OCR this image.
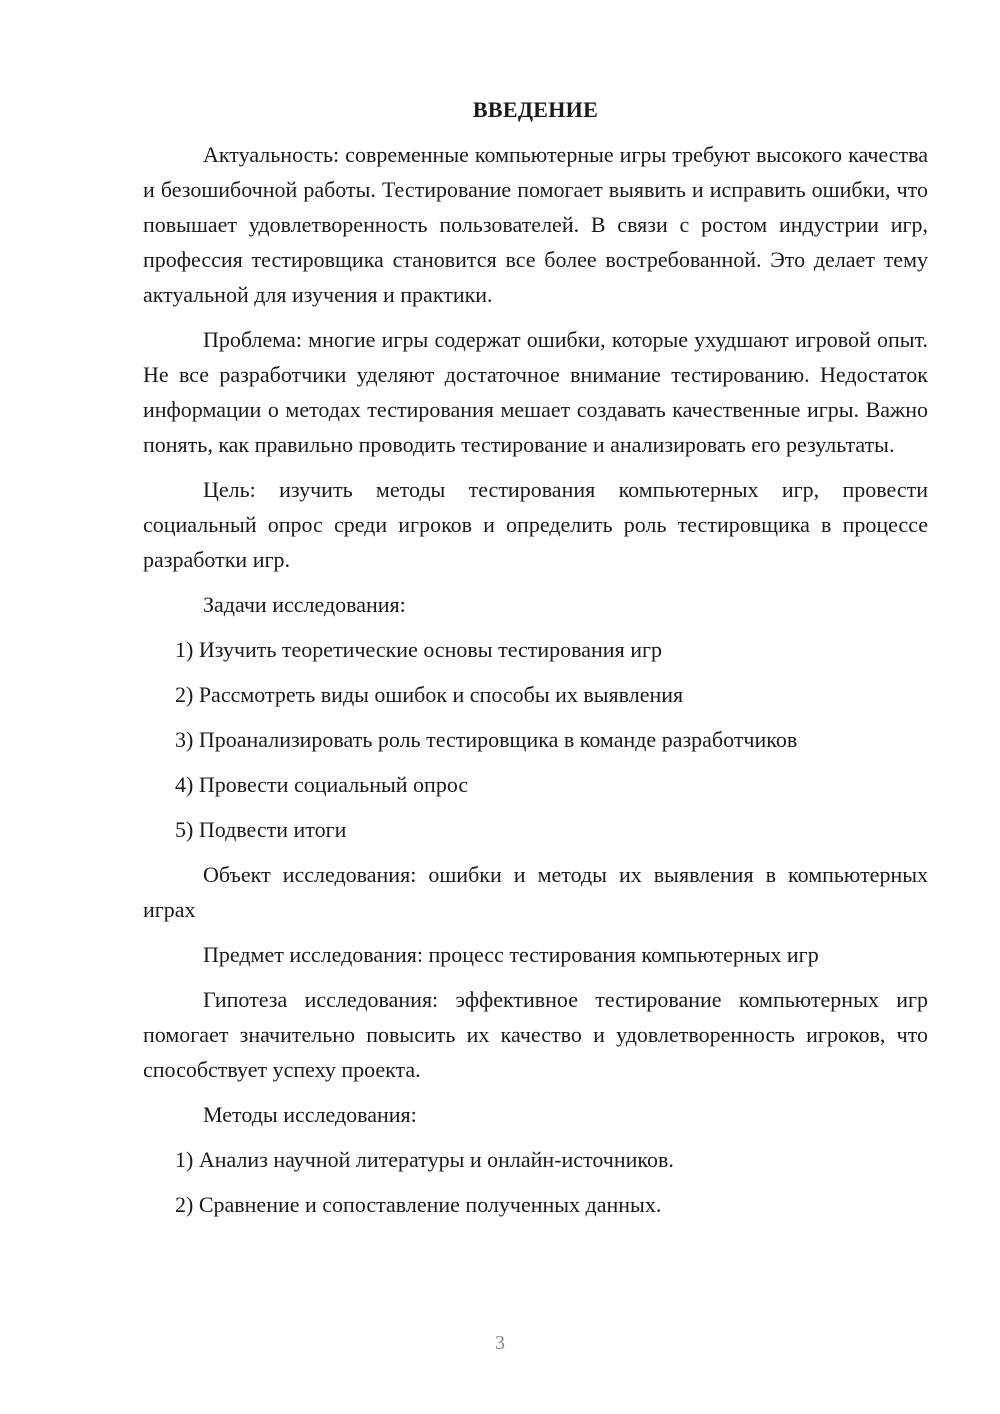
ВВЕДЕНИЕ

Актуальность: современные компьютерные игры требуют высокого качества и безошибочной работы. Тестирование помогает выявить и исправить ошибки, что повышает удовлетворенность пользователей. В связи с ростом индустрии игр, профессия тестировщика становится все более востребованной. Это делает тему актуальной для изучения и практики.

Проблема: многие игры содержат ошибки, которые ухудшают игровой опыт. Не все разработчики уделяют достаточное внимание тестированию. Недостаток информации о методах тестирования мешает создавать качественные игры. Важно понять, как правильно проводить тестирование и анализировать его результаты.

Цель: изучить методы тестирования компьютерных игр, провести социальный опрос среди игроков и определить роль тестировщика в процессе разработки игр.

Задачи исследования:

1) Изучить теоретические основы тестирования игр
2) Рассмотреть виды ошибок и способы их выявления
3) Проанализировать роль тестировщика в команде разработчиков
4) Провести социальный опрос
5) Подвести итоги

Объект исследования: ошибки и методы их выявления в компьютерных играх

Предмет исследования: процесс тестирования компьютерных игр

Гипотеза исследования: эффективное тестирование компьютерных игр помогает значительно повысить их качество и удовлетворенность игроков, что способствует успеху проекта.

Методы исследования:

1) Анализ научной литературы и онлайн-источников.
2) Сравнение и сопоставление полученных данных.
3
